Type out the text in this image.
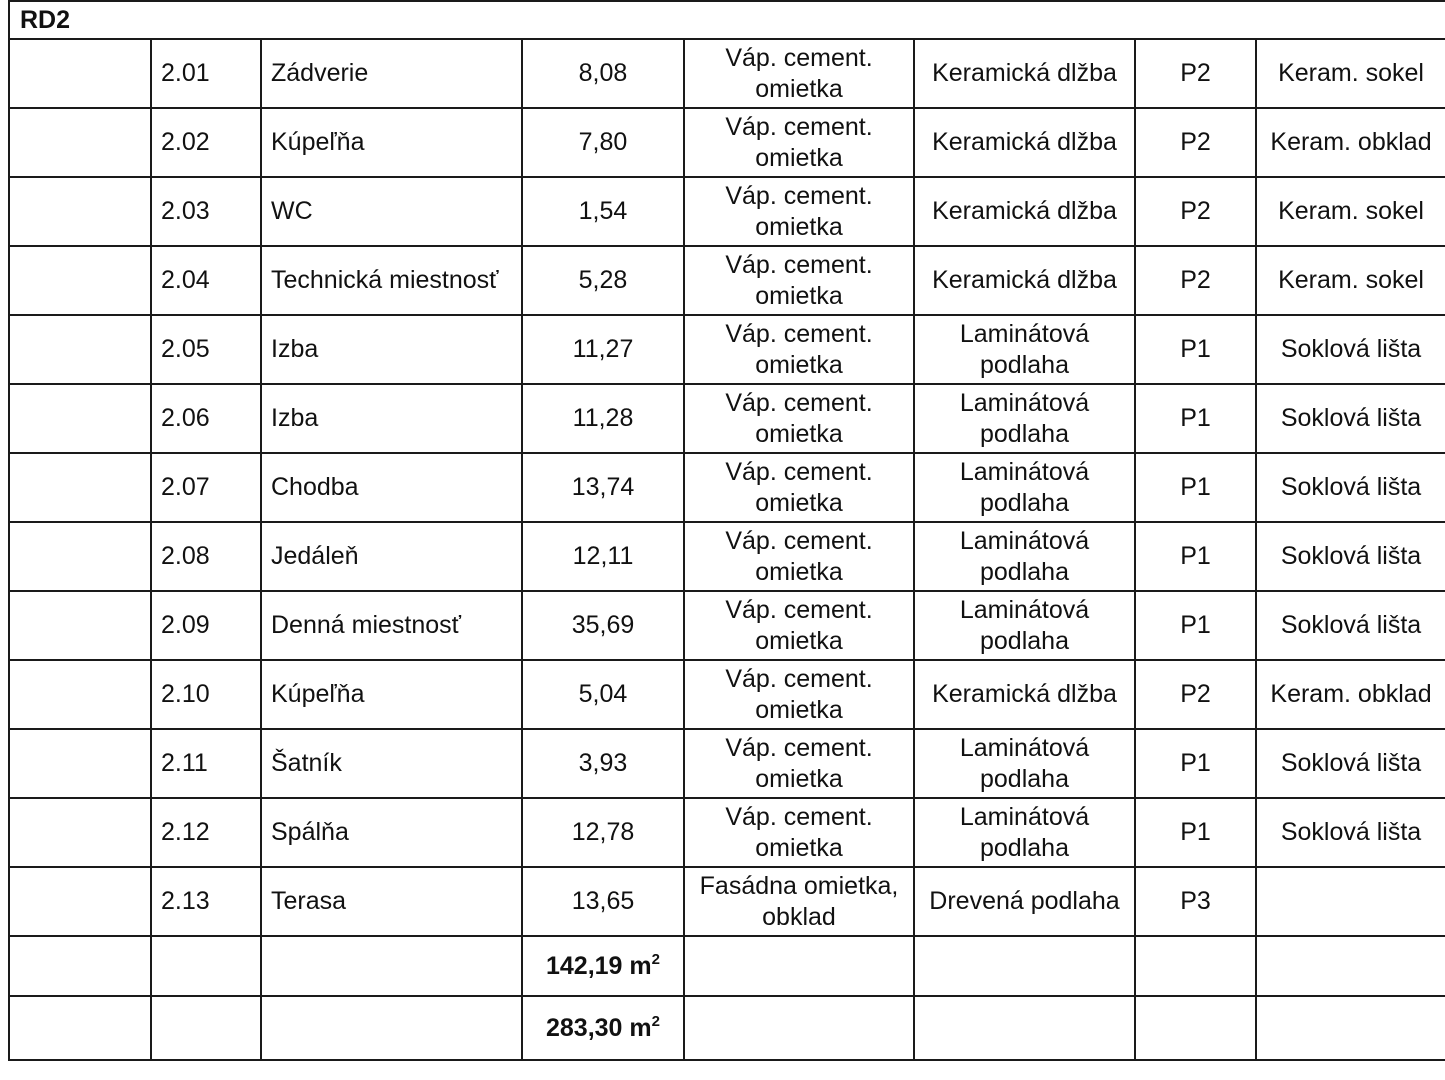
RD2							
	2.01	Zádverie	8,08	Váp. cement. omietka	Keramická dlžba	P2	Keram. sokel
	2.02	Kúpeľňa	7,80	Váp. cement. omietka	Keramická dlžba	P2	Keram. obklad
	2.03	WC	1,54	Váp. cement. omietka	Keramická dlžba	P2	Keram. sokel
	2.04	Technická miestnosť	5,28	Váp. cement. omietka	Keramická dlžba	P2	Keram. sokel
	2.05	Izba	11,27	Váp. cement. omietka	Laminátová podlaha	P1	Soklová lišta
	2.06	Izba	11,28	Váp. cement. omietka	Laminátová podlaha	P1	Soklová lišta
	2.07	Chodba	13,74	Váp. cement. omietka	Laminátová podlaha	P1	Soklová lišta
	2.08	Jedáleň	12,11	Váp. cement. omietka	Laminátová podlaha	P1	Soklová lišta
	2.09	Denná miestnosť	35,69	Váp. cement. omietka	Laminátová podlaha	P1	Soklová lišta
	2.10	Kúpeľňa	5,04	Váp. cement. omietka	Keramická dlžba	P2	Keram. obklad
	2.11	Šatník	3,93	Váp. cement. omietka	Laminátová podlaha	P1	Soklová lišta
	2.12	Spálňa	12,78	Váp. cement. omietka	Laminátová podlaha	P1	Soklová lišta
	2.13	Terasa	13,65	Fasádna omietka, obklad	Drevená podlaha	P3	
			142,19 $m^2$				
			283,30 $m^2$				
